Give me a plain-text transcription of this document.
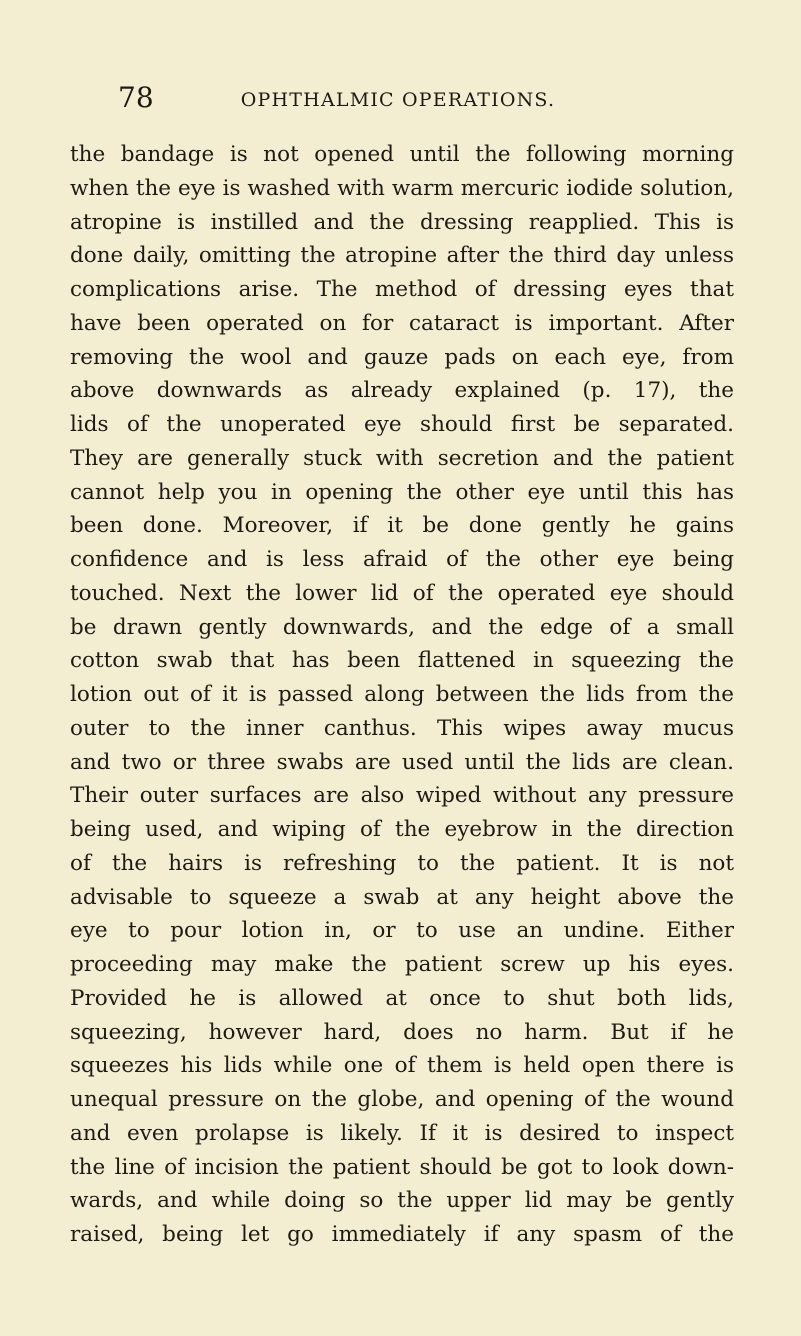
78	OPHTHALMIC OPERATIONS.
the bandage is not opened until the following morning
when the eye is washed with warm mercuric iodide solution,
atropine is instilled and the dressing reapplied. This is
done daily, omitting the atropine after the third day unless
complications arise. The method of dressing eyes that
have been operated on for cataract is important. After
removing the wool and gauze pads on each eye, from
above downwards as already explained (p. 17), the
lids of the unoperated eye should first be separated.
They are generally stuck with secretion and the patient
cannot help you in opening the other eye until this has
been done. Moreover, if it be done gently he gains
confidence and is less afraid of the other eye being
touched. Next the lower lid of the operated eye should
be drawn gently downwards, and the edge of a small
cotton swab that has been flattened in squeezing the
lotion out of it is passed along between the lids from the
outer to the inner canthus. This wipes away mucus
and two or three swabs are used until the lids are clean.
Their outer surfaces are also wiped without any pressure
being used, and wiping of the eyebrow in the direction
of the hairs is refreshing to the patient. It is not
advisable to squeeze a swab at any height above the
eye to pour lotion in, or to use an undine. Either
proceeding may make the patient screw up his eyes.
Provided he is allowed at once to shut both lids,
squeezing, however hard, does no harm. But if he
squeezes his lids while one of them is held open there is
unequal pressure on the globe, and opening of the wound
and even prolapse is likely. If it is desired to inspect
the line of incision the patient should be got to look down-
wards, and while doing so the upper lid may be gently
raised, being let go immediately if any spasm of the
